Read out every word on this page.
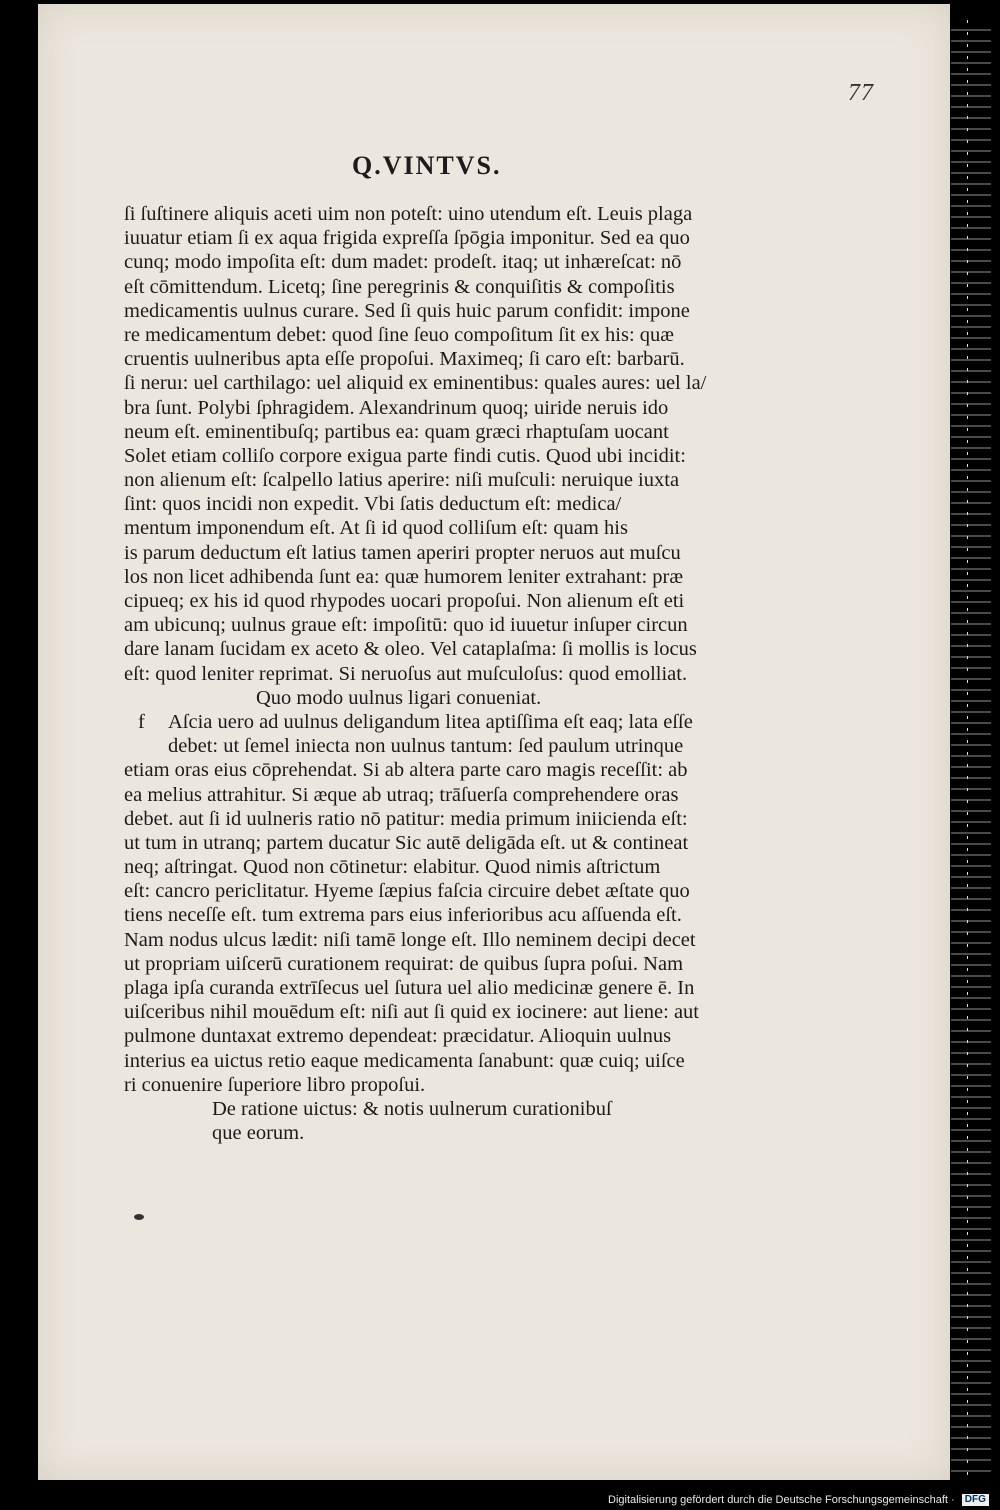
77
Q.VINTVS.
ſi ſuſtinere aliquis aceti uim non poteſt: uino utendum eſt. Leuis plaga
iuuatur etiam ſi ex aqua frigida expreſſa ſpōgia imponitur. Sed ea quo
cunq; modo impoſita eſt: dum madet: prodeſt. itaq; ut inhæreſcat: nō
eſt cōmittendum. Licetq; ſine peregrinis & conquiſitis & compoſitis
medicamentis uulnus curare. Sed ſi quis huic parum confidit: impone
re medicamentum debet: quod ſine ſeuo compoſitum ſit ex his: quæ
cruentis uulneribus apta eſſe propoſui. Maximeq; ſi caro eſt: barbarū.
ſi neruı: uel carthilago: uel aliquid ex eminentibus: quales aures: uel la/
bra ſunt. Polybi ſphragidem. Alexandrinum quoq; uiride neruis ido
neum eſt. eminentibuſq; partibus ea: quam græci rhaptuſam uocant
Solet etiam colliſo corpore exigua parte findi cutis. Quod ubi incidit:
non alienum eſt: ſcalpello latius aperire: niſi muſculi: neruique iuxta
ſint: quos incidi non expedit. Vbi ſatis deductum eſt: medica/
mentum imponendum eſt. At ſi id quod colliſum eſt: quam his
is parum deductum eſt latius tamen aperiri propter neruos aut muſcu
los non licet adhibenda ſunt ea: quæ humorem leniter extrahant: præ
cipueq; ex his id quod rhypodes uocari propoſui. Non alienum eſt eti
am ubicunq; uulnus graue eſt: impoſitū: quo id iuuetur inſuper circun
dare lanam ſucidam ex aceto & oleo. Vel cataplaſma: ſi mollis is locus
eſt: quod leniter reprimat. Si neruoſus aut muſculoſus: quod emolliat.
Quo modo uulnus ligari conueniat.
f Aſcia uero ad uulnus deligandum litea aptiſſima eſt eaq; lata eſſe
debet: ut ſemel iniecta non uulnus tantum: ſed paulum utrinque
etiam oras eius cōprehendat. Si ab altera parte caro magis receſſit: ab
ea melius attrahitur. Si æque ab utraq; trāſuerſa comprehendere oras
debet. aut ſi id uulneris ratio nō patitur: media primum iniicienda eſt:
ut tum in utranq; partem ducatur Sic autē deligāda eſt. ut & contineat
neq; aſtringat. Quod non cōtinetur: elabitur. Quod nimis aſtrictum
eſt: cancro periclitatur. Hyeme ſæpius faſcia circuire debet æſtate quo
tiens neceſſe eſt. tum extrema pars eius inferioribus acu aſſuenda eſt.
Nam nodus ulcus lædit: niſi tamē longe eſt. Illo neminem decipi decet
ut propriam uiſcerū curationem requirat: de quibus ſupra poſui. Nam
plaga ipſa curanda extrīſecus uel ſutura uel alio medicinæ genere ē. In
uiſceribus nihil mouēdum eſt: niſi aut ſi quid ex iocinere: aut liene: aut
pulmone duntaxat extremo dependeat: præcidatur. Alioquin uulnus
interius ea uictus retio eaque medicamenta ſanabunt: quæ cuiq; uiſce
ri conuenire ſuperiore libro propoſui.
De ratione uictus: & notis uulnerum curationibuſ
que eorum.
Digitalisierung gefördert durch die Deutsche Forschungsgemeinschaft · DFG
